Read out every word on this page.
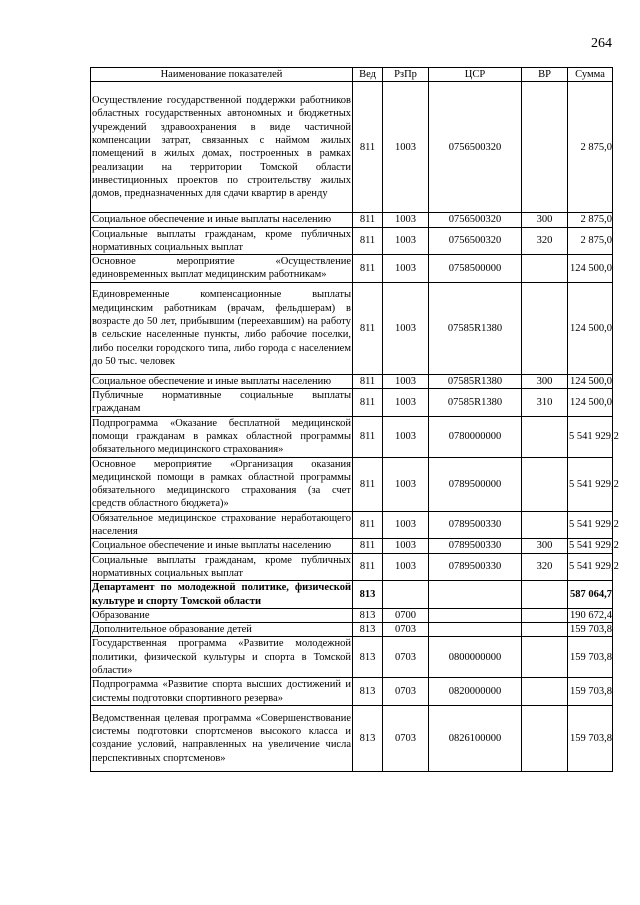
264
Наименование показателей	Вед	РзПр	ЦСР	ВР	Сумма
Осуществление государственной поддержки работников областных государственных автономных и бюджетных учреждений здравоохранения в виде частичной компенсации затрат, связанных с наймом жилых помещений в жилых домах, построенных в рамках реализации на территории Томской области инвестиционных проектов по строительству жилых домов, предназначенных для сдачи квартир в аренду	811	1003	0756500320		2 875,0
Социальное обеспечение и иные выплаты населению	811	1003	0756500320	300	2 875,0
Социальные выплаты гражданам, кроме публичных нормативных социальных выплат	811	1003	0756500320	320	2 875,0
Основное мероприятие «Осуществление единовременных выплат медицинским работникам»	811	1003	0758500000		124 500,0
Единовременные компенсационные выплаты медицинским работникам (врачам, фельдшерам) в возрасте до 50 лет, прибывшим (переехавшим) на работу в сельские населенные пункты, либо рабочие поселки, либо поселки городского типа, либо города с населением до 50 тыс. человек	811	1003	07585R1380		124 500,0
Социальное обеспечение и иные выплаты населению	811	1003	07585R1380	300	124 500,0
Публичные нормативные социальные выплаты гражданам	811	1003	07585R1380	310	124 500,0
Подпрограмма «Оказание бесплатной медицинской помощи гражданам в рамках областной программы обязательного медицинского страхования»	811	1003	0780000000		5 541 929,2
Основное мероприятие «Организация оказания медицинской помощи в рамках областной программы обязательного медицинского страхования (за счет средств областного бюджета)»	811	1003	0789500000		5 541 929,2
Обязательное медицинское страхование неработающего населения	811	1003	0789500330		5 541 929,2
Социальное обеспечение и иные выплаты населению	811	1003	0789500330	300	5 541 929,2
Социальные выплаты гражданам, кроме публичных нормативных социальных выплат	811	1003	0789500330	320	5 541 929,2
Департамент по молодежной политике, физической культуре и спорту Томской области	813				587 064,7
Образование	813	0700			190 672,4
Дополнительное образование детей	813	0703			159 703,8
Государственная программа «Развитие молодежной политики, физической культуры и спорта в Томской области»	813	0703	0800000000		159 703,8
Подпрограмма «Развитие спорта высших достижений и системы подготовки спортивного резерва»	813	0703	0820000000		159 703,8
Ведомственная целевая программа «Совершенствование системы подготовки спортсменов высокого класса и создание условий, направленных на увеличение числа перспективных спортсменов»	813	0703	0826100000		159 703,8
